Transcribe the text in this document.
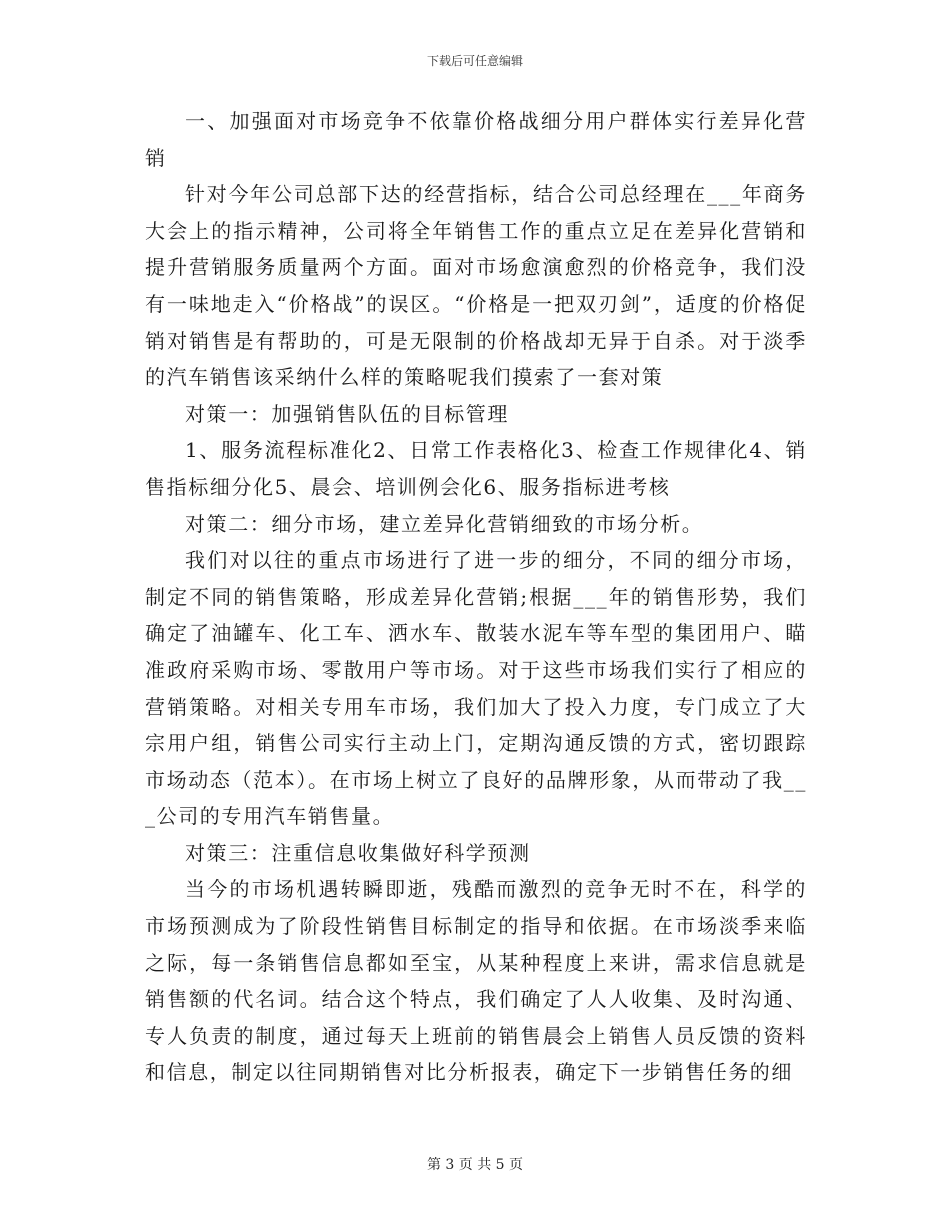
下载后可任意编辑

一、加强面对市场竞争不依靠价格战细分用户群体实行差异化营销

针对今年公司总部下达的经营指标，结合公司总经理在___年商务大会上的指示精神，公司将全年销售工作的重点立足在差异化营销和提升营销服务质量两个方面。面对市场愈演愈烈的价格竞争，我们没有一味地走入“价格战”的误区。“价格是一把双刃剑”，适度的价格促销对销售是有帮助的，可是无限制的价格战却无异于自杀。对于淡季的汽车销售该采纳什么样的策略呢我们摸索了一套对策

对策一：加强销售队伍的目标管理

1、服务流程标准化2、日常工作表格化3、检查工作规律化4、销售指标细分化5、晨会、培训例会化6、服务指标进考核

对策二：细分市场，建立差异化营销细致的市场分析。

我们对以往的重点市场进行了进一步的细分，不同的细分市场，制定不同的销售策略，形成差异化营销;根据___年的销售形势，我们确定了油罐车、化工车、洒水车、散装水泥车等车型的集团用户、瞄准政府采购市场、零散用户等市场。对于这些市场我们实行了相应的营销策略。对相关专用车市场，我们加大了投入力度，专门成立了大宗用户组，销售公司实行主动上门，定期沟通反馈的方式，密切跟踪市场动态（范本）。在市场上树立了良好的品牌形象，从而带动了我___公司的专用汽车销售量。

对策三：注重信息收集做好科学预测

当今的市场机遇转瞬即逝，残酷而激烈的竞争无时不在，科学的市场预测成为了阶段性销售目标制定的指导和依据。在市场淡季来临之际，每一条销售信息都如至宝，从某种程度上来讲，需求信息就是销售额的代名词。结合这个特点，我们确定了人人收集、及时沟通、专人负责的制度，通过每天上班前的销售晨会上销售人员反馈的资料和信息，制定以往同期销售对比分析报表，确定下一步销售任务的细

第 3 页 共 5 页
